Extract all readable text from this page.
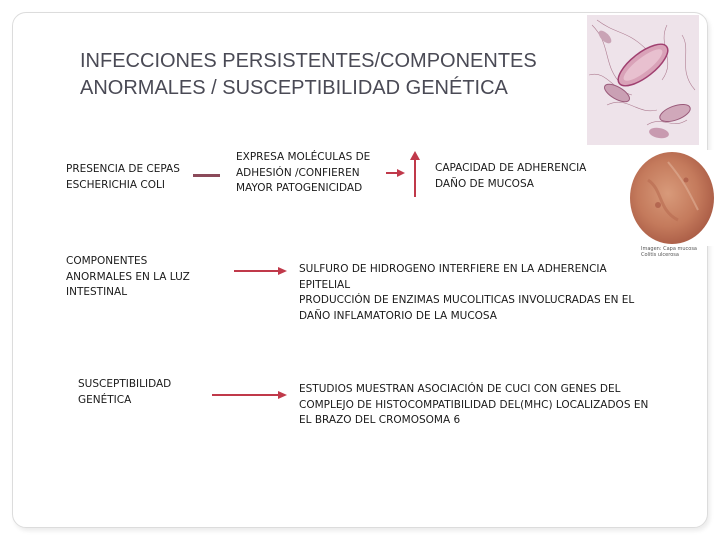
INFECCIONES PERSISTENTES/COMPONENTES
ANORMALES / SUSCEPTIBILIDAD GENÉTICA
Imagen: Capa mucosa
Colitis ulcerosa
PRESENCIA DE CEPAS
ESCHERICHIA COLI
EXPRESA MOLÉCULAS DE
ADHESIÓN /CONFIEREN
MAYOR PATOGENICIDAD
CAPACIDAD DE ADHERENCIA
DAÑO DE MUCOSA
COMPONENTES
ANORMALES EN LA LUZ
INTESTINAL
SULFURO DE HIDROGENO INTERFIERE EN LA ADHERENCIA
EPITELIAL
PRODUCCIÓN DE ENZIMAS MUCOLITICAS INVOLUCRADAS EN EL
DAÑO INFLAMATORIO DE LA MUCOSA
SUSCEPTIBILIDAD
GENÉTICA
ESTUDIOS MUESTRAN ASOCIACIÓN DE CUCI CON GENES DEL
COMPLEJO DE HISTOCOMPATIBILIDAD DEL(MHC) LOCALIZADOS EN
EL BRAZO DEL CROMOSOMA 6
